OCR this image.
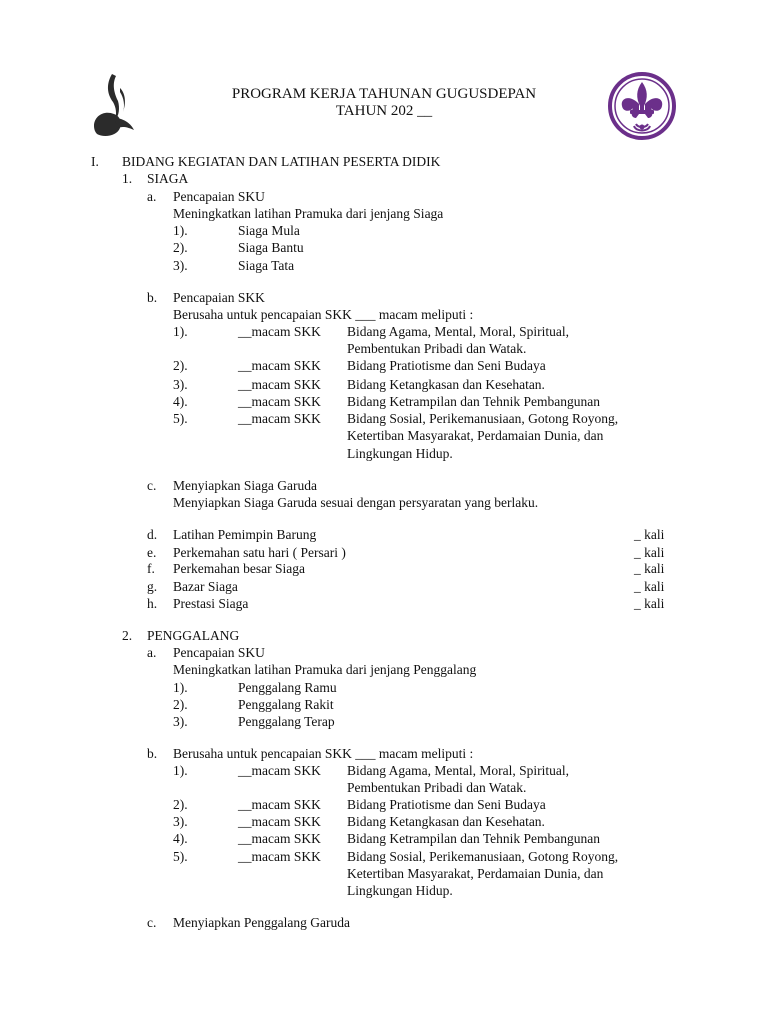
PROGRAM KERJA TAHUNAN GUGUSDEPAN
TAHUN 202 __
I. BIDANG KEGIATAN DAN LATIHAN PESERTA DIDIK
1. SIAGA
a. Pencapaian SKU
Meningkatkan latihan Pramuka dari jenjang Siaga
1).	Siaga Mula
2).	Siaga Bantu
3).	Siaga Tata
b. Pencapaian SKK
Berusaha untuk pencapaian SKK ___ macam meliputi :
1).	__macam SKK Bidang Agama, Mental, Moral, Spiritual,
Pembentukan Pribadi dan Watak.
2).	__macam SKK Bidang Pratiotisme dan Seni Budaya
3).	__macam SKK Bidang Ketangkasan dan Kesehatan.
4).	__macam SKK Bidang Ketrampilan dan Tehnik Pembangunan
5).	__macam SKK Bidang Sosial, Perikemanusiaan, Gotong Royong,
Ketertiban Masyarakat, Perdamaian Dunia, dan
Lingkungan Hidup.
c. Menyiapkan Siaga Garuda
Menyiapkan Siaga Garuda sesuai dengan persyaratan yang berlaku.
d. Latihan Pemimpin Barung	_ kali
e. Perkemahan satu hari ( Persari )	_ kali
f. Perkemahan besar Siaga	_ kali
g. Bazar Siaga	_ kali
h. Prestasi Siaga	_ kali
2. PENGGALANG
a. Pencapaian SKU
Meningkatkan latihan Pramuka dari jenjang Penggalang
1).	Penggalang Ramu
2).	Penggalang Rakit
3).	Penggalang Terap
b. Berusaha untuk pencapaian SKK ___ macam meliputi :
1).	__macam SKK Bidang Agama, Mental, Moral, Spiritual,
Pembentukan Pribadi dan Watak.
2).	__macam SKK Bidang Pratiotisme dan Seni Budaya
3).	__macam SKK Bidang Ketangkasan dan Kesehatan.
4).	__macam SKK Bidang Ketrampilan dan Tehnik Pembangunan
5).	__macam SKK Bidang Sosial, Perikemanusiaan, Gotong Royong,
Ketertiban Masyarakat, Perdamaian Dunia, dan
Lingkungan Hidup.
c. Menyiapkan Penggalang Garuda
